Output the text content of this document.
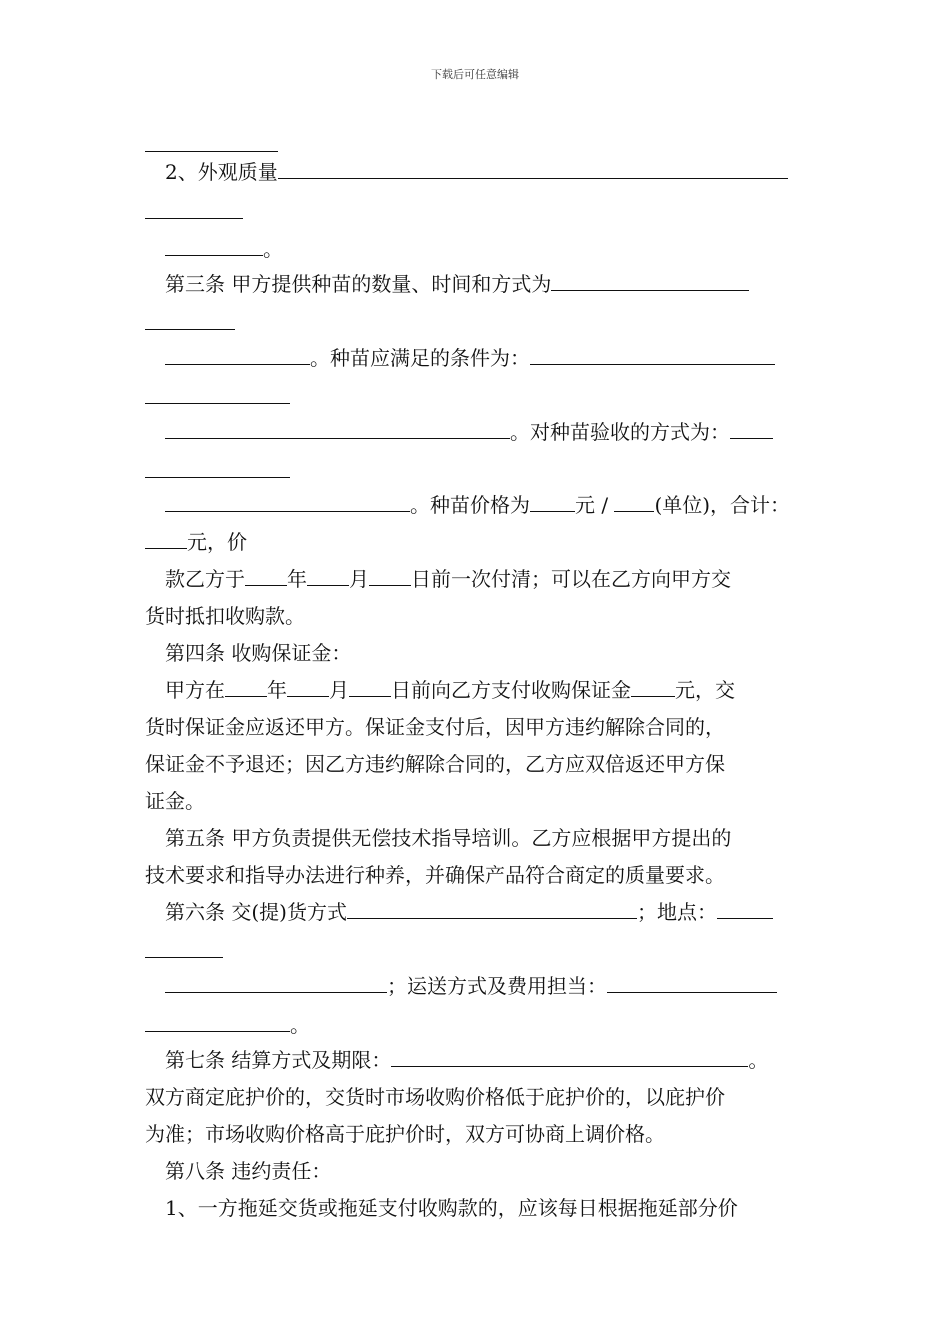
下载后可任意编辑
2、外观质量
。
第三条 甲方提供种苗的数量、时间和方式为
。种苗应满足的条件为：
。对种苗验收的方式为：
。种苗价格为 元 / (单位)，合计：
元，价
款乙方于 年 月 日前一次付清；可以在乙方向甲方交
货时抵扣收购款。
第四条 收购保证金：
甲方在 年 月 日前向乙方支付收购保证金 元，交
货时保证金应返还甲方。保证金支付后，因甲方违约解除合同的，
保证金不予退还；因乙方违约解除合同的，乙方应双倍返还甲方保
证金。
第五条 甲方负责提供无偿技术指导培训。乙方应根据甲方提出的
技术要求和指导办法进行种养，并确保产品符合商定的质量要求。
第六条 交(提)货方式	；地点：
；运送方式及费用担当：
。
第七条 结算方式及期限：	。
双方商定庇护价的，交货时市场收购价格低于庇护价的，以庇护价
为准；市场收购价格高于庇护价时，双方可协商上调价格。
第八条 违约责任：
1、一方拖延交货或拖延支付收购款的，应该每日根据拖延部分价
